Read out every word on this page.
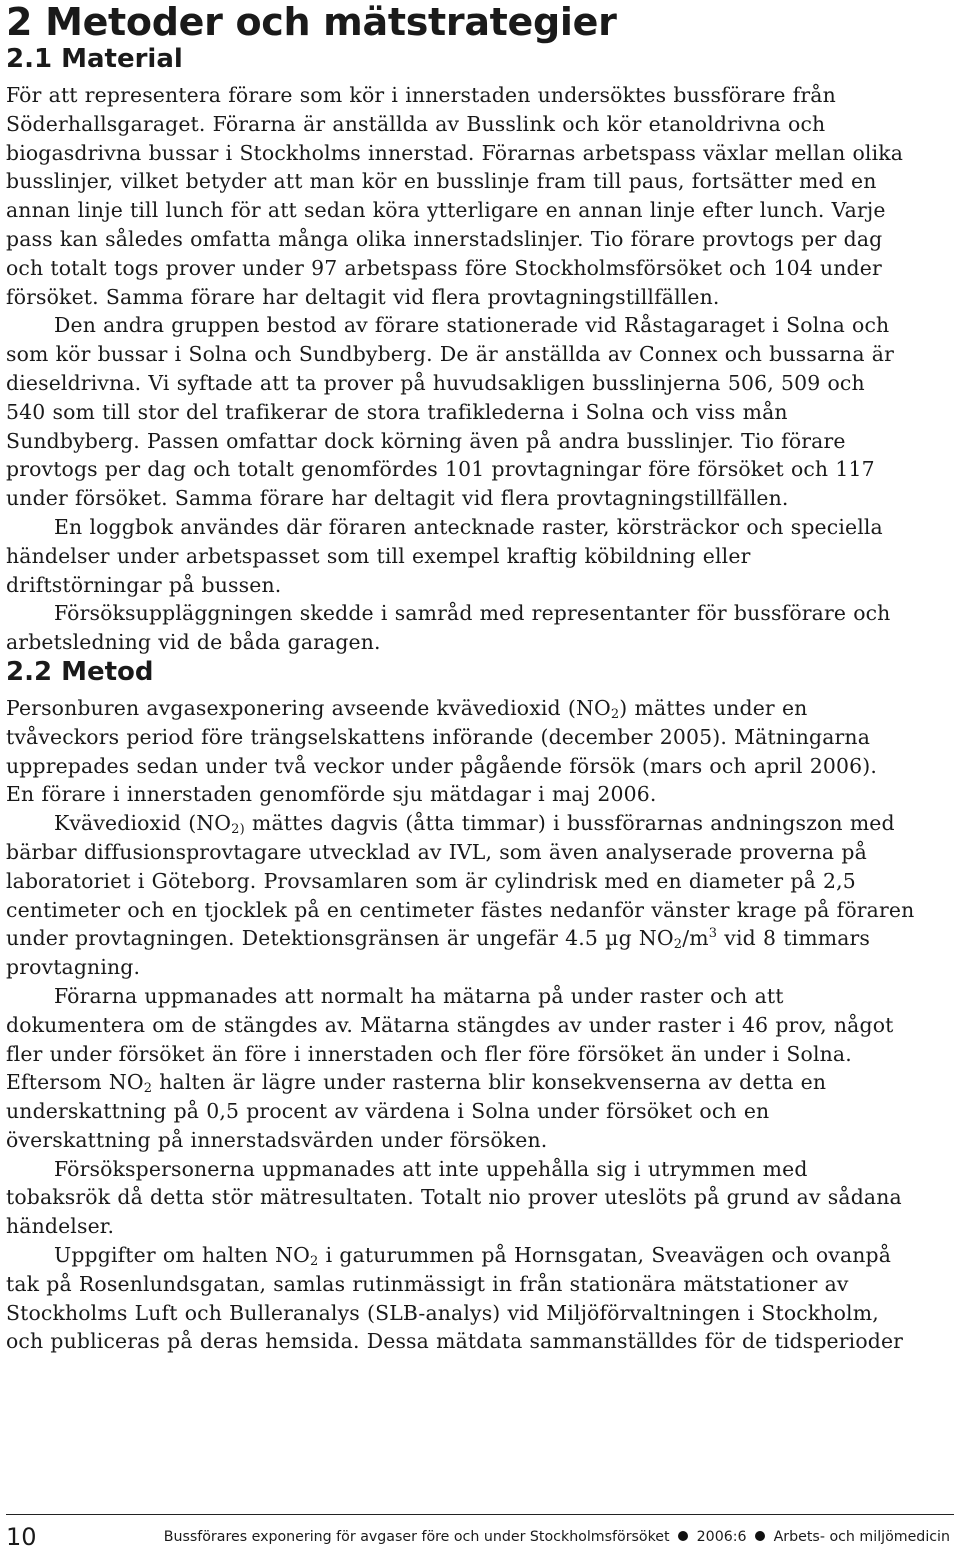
2 Metoder och mätstrategier
2.1 Material

För att representera förare som kör i innerstaden undersöktes bussförare från
Söderhallsgaraget. Förarna är anställda av Busslink och kör etanoldrivna och
biogasdrivna bussar i Stockholms innerstad. Förarnas arbetspass växlar mellan olika
busslinjer, vilket betyder att man kör en busslinje fram till paus, fortsätter med en
annan linje till lunch för att sedan köra ytterligare en annan linje efter lunch. Varje
pass kan således omfatta många olika innerstadslinjer. Tio förare provtogs per dag
och totalt togs prover under 97 arbetspass före Stockholmsförsöket och 104 under
försöket. Samma förare har deltagit vid flera provtagningstillfällen.

Den andra gruppen bestod av förare stationerade vid Råstagaraget i Solna och
som kör bussar i Solna och Sundbyberg. De är anställda av Connex och bussarna är
dieseldrivna. Vi syftade att ta prover på huvudsakligen busslinjerna 506, 509 och
540 som till stor del trafikerar de stora trafiklederna i Solna och viss mån
Sundbyberg. Passen omfattar dock körning även på andra busslinjer. Tio förare
provtogs per dag och totalt genomfördes 101 provtagningar före försöket och 117
under försöket. Samma förare har deltagit vid flera provtagningstillfällen.

En loggbok användes där föraren antecknade raster, körsträckor och speciella
händelser under arbetspasset som till exempel kraftig köbildning eller
driftstörningar på bussen.

Försöksuppläggningen skedde i samråd med representanter för bussförare och
arbetsledning vid de båda garagen.

2.2 Metod

Personburen avgasexponering avseende kvävedioxid $(NO_2)$ mättes under en
tvåveckors period före trängselskattens införande (december 2005). Mätningarna
upprepades sedan under två veckor under pågående försök (mars och april 2006).
En förare i innerstaden genomförde sju mätdagar i maj 2006.

Kvävedioxid ($NO_{2)}$ mättes dagvis (åtta timmar) i bussförarnas andningszon med
bärbar diffusionsprovtagare utvecklad av IVL, som även analyserade proverna på
laboratoriet i Göteborg. Provsamlaren som är cylindrisk med en diameter på 2,5
centimeter och en tjocklek på en centimeter fästes nedanför vänster krage på föraren
under provtagningen. Detektionsgränsen är ungefär 4.5 µg $NO_2/m^3$ vid 8 timmars
provtagning.

Förarna uppmanades att normalt ha mätarna på under raster och att
dokumentera om de stängdes av. Mätarna stängdes av under raster i 46 prov, något
fler under försöket än före i innerstaden och fler före försöket än under i Solna.
Eftersom $NO_2$ halten är lägre under rasterna blir konsekvenserna av detta en
underskattning på 0,5 procent av värdena i Solna under försöket och en
överskattning på innerstadsvärden under försöken.

Försökspersonerna uppmanades att inte uppehålla sig i utrymmen med
tobaksrök då detta stör mätresultaten. Totalt nio prover uteslöts på grund av sådana
händelser.

Uppgifter om halten $NO_2$ i gaturummen på Hornsgatan, Sveavägen och ovanpå
tak på Rosenlundsgatan, samlas rutinmässigt in från stationära mätstationer av
Stockholms Luft och Bulleranalys (SLB-analys) vid Miljöförvaltningen i Stockholm,
och publiceras på deras hemsida. Dessa mätdata sammanställdes för de tidsperioder

10	Bussförares exponering för avgaser före och under Stockholmsförsöket 2006:6 Arbets- och miljömedicin
